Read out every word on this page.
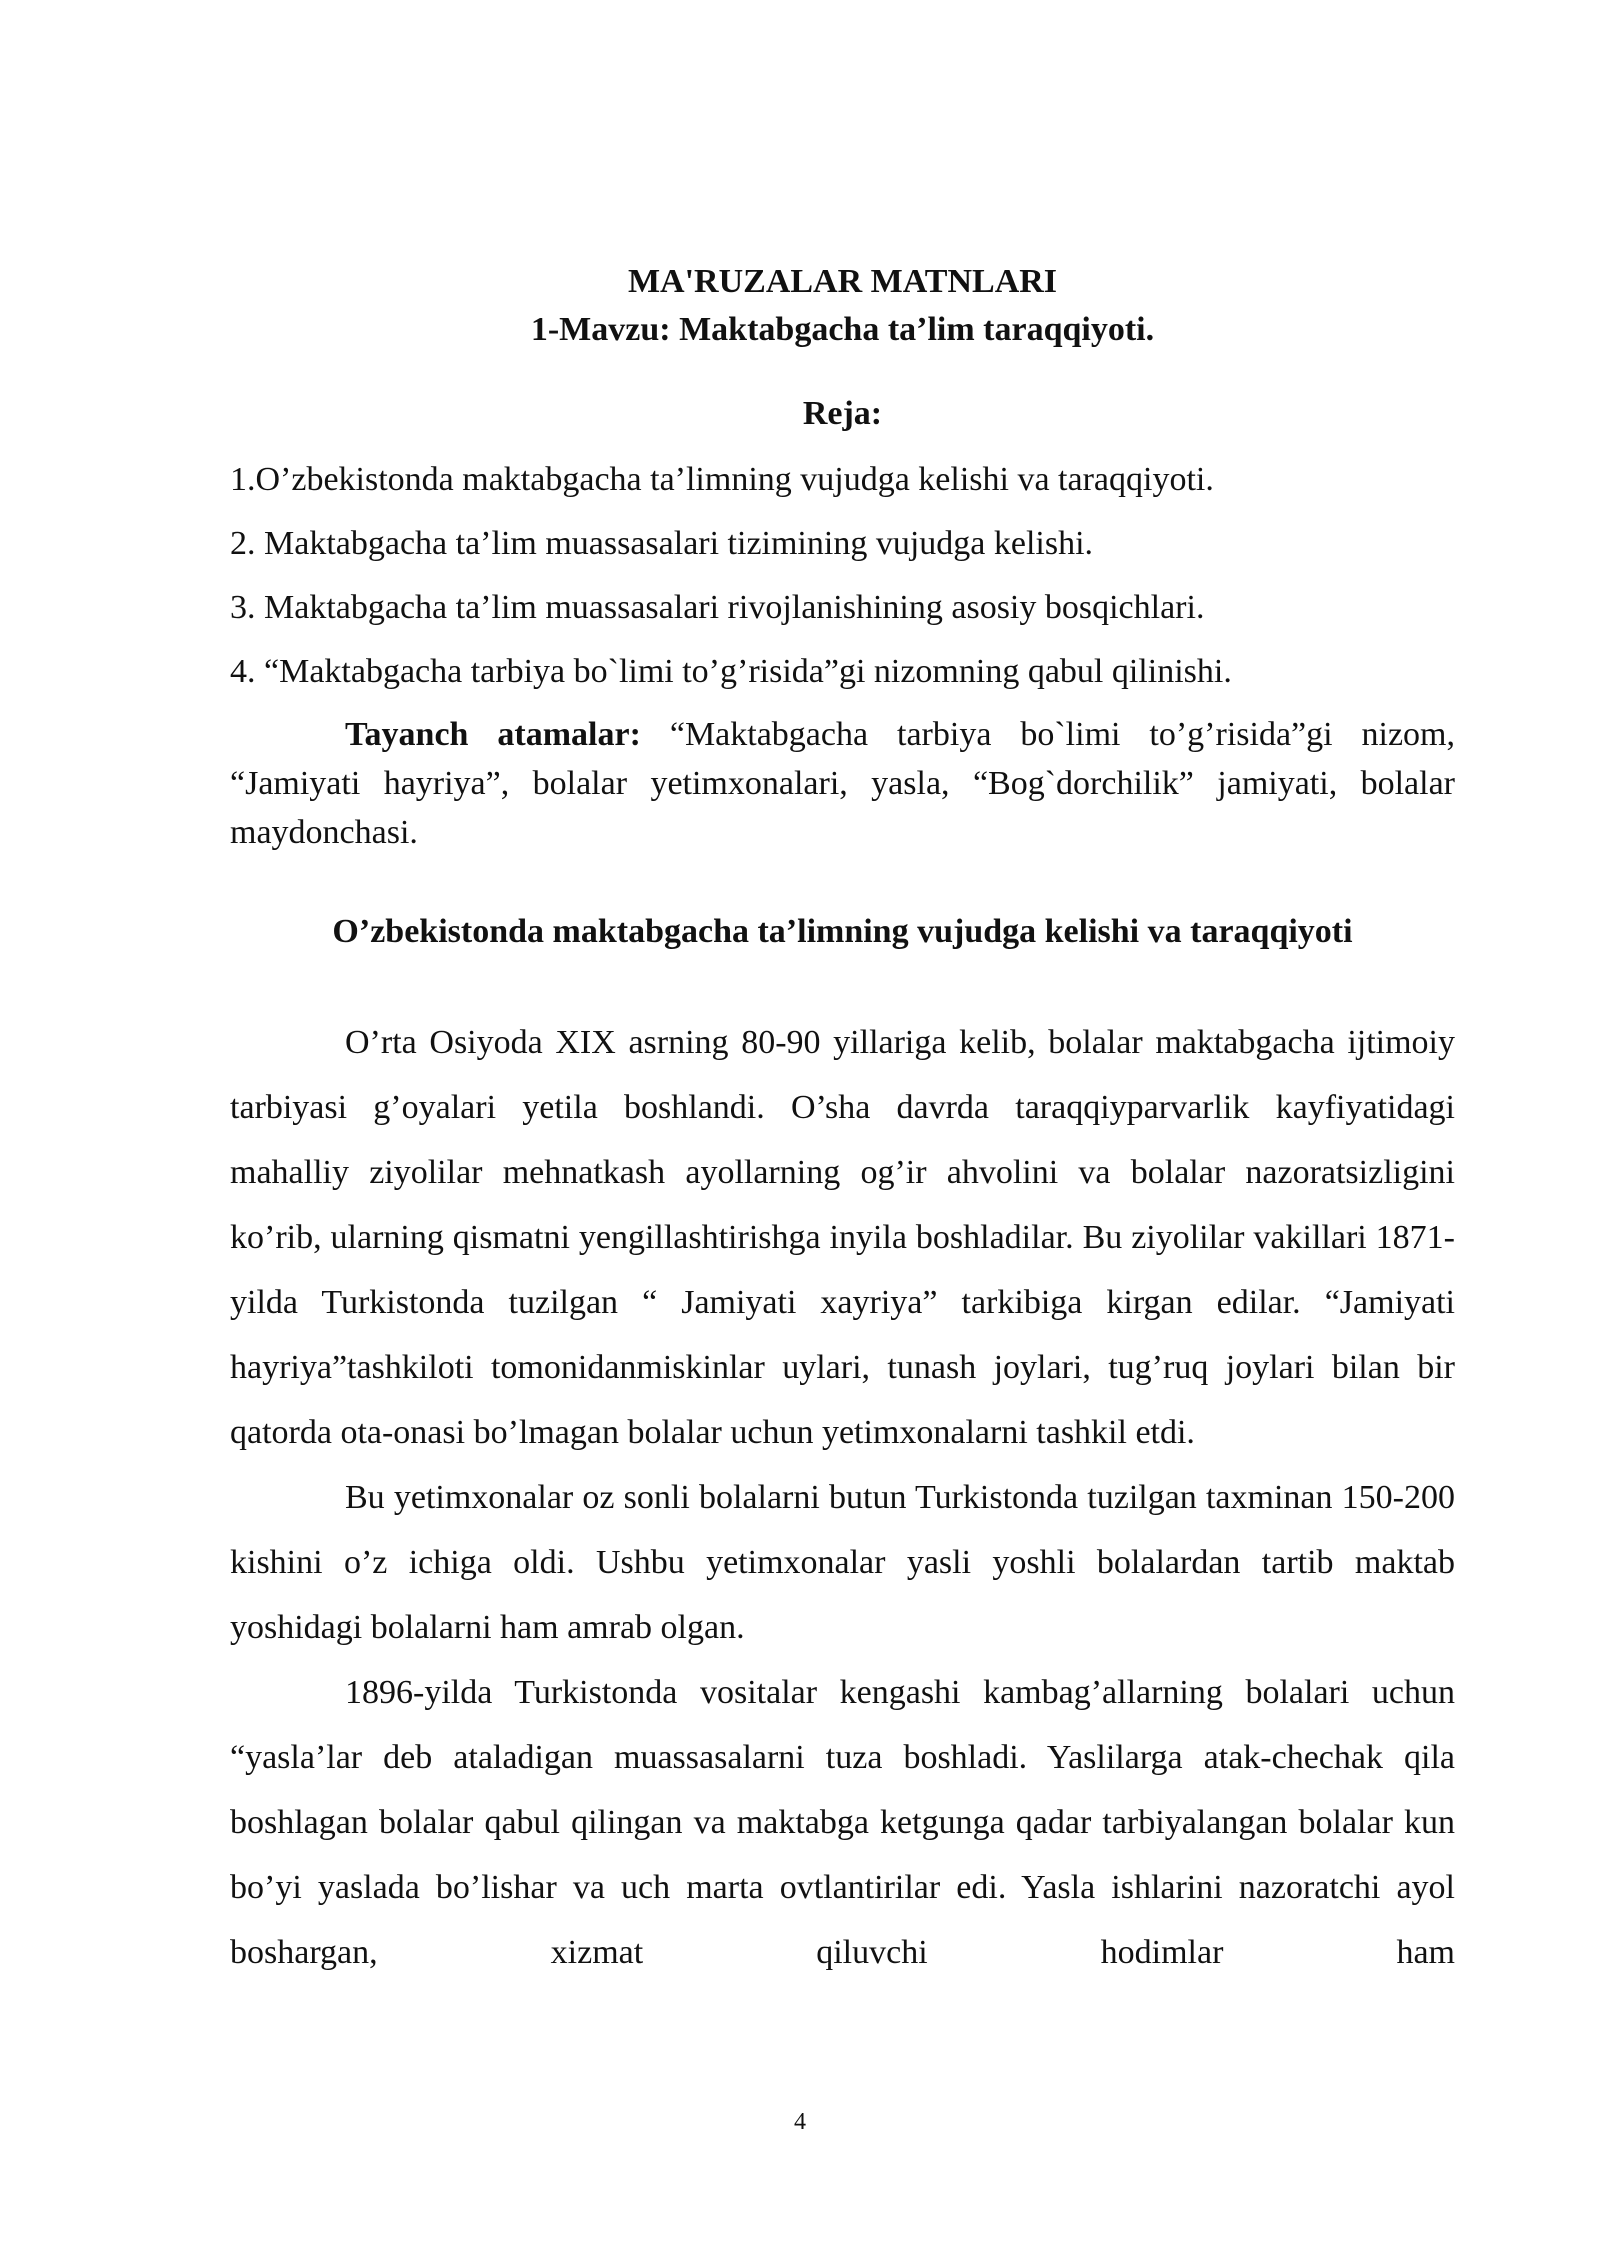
MA'RUZALAR MATNLARI

1-Mavzu: Maktabgacha ta’lim taraqqiyoti.

Reja:

1.O’zbekistonda maktabgacha ta’limning vujudga kelishi va taraqqiyoti.
2. Maktabgacha ta’lim muassasalari tizimining vujudga kelishi.
3. Maktabgacha ta’lim muassasalari rivojlanishining asosiy bosqichlari.
4. “Maktabgacha tarbiya bo`limi to’g’risida”gi nizomning qabul qilinishi.

Tayanch atamalar: “Maktabgacha tarbiya bo`limi to’g’risida”gi nizom, “Jamiyati hayriya”, bolalar yetimxonalari, yasla, “Bog`dorchilik” jamiyati, bolalar maydonchasi.

O’zbekistonda maktabgacha ta’limning vujudga kelishi va taraqqiyoti

O’rta Osiyoda XIX asrning 80-90 yillariga kelib, bolalar maktabgacha ijtimoiy tarbiyasi g’oyalari yetila boshlandi. O’sha davrda taraqqiyparvarlik kayfiyatidagi mahalliy ziyolilar mehnatkash ayollarning og’ir ahvolini va bolalar nazoratsizligini ko’rib, ularning qismatni yengillashtirishga inyila boshladilar. Bu ziyolilar vakillari 1871-yilda Turkistonda tuzilgan “ Jamiyati xayriya” tarkibiga kirgan edilar. “Jamiyati hayriya”tashkiloti tomonidanmiskinlar uylari, tunash joylari, tug’ruq joylari bilan bir qatorda ota-onasi bo’lmagan bolalar uchun yetimxonalarni tashkil etdi.

Bu yetimxonalar oz sonli bolalarni butun Turkistonda tuzilgan taxminan 150-200 kishini o’z ichiga oldi. Ushbu yetimxonalar yasli yoshli bolalardan tartib maktab yoshidagi bolalarni ham amrab olgan.

1896-yilda Turkistonda vositalar kengashi kambag’allarning bolalari uchun “yasla’lar deb ataladigan muassasalarni tuza boshladi. Yaslilarga atak-chechak qila boshlagan bolalar qabul qilingan va maktabga ketgunga qadar tarbiyalangan bolalar kun bo’yi yaslada bo’lishar va uch marta ovtlantirilar edi. Yasla ishlarini nazoratchi ayol boshargan, xizmat qiluvchi hodimlar ham

4
